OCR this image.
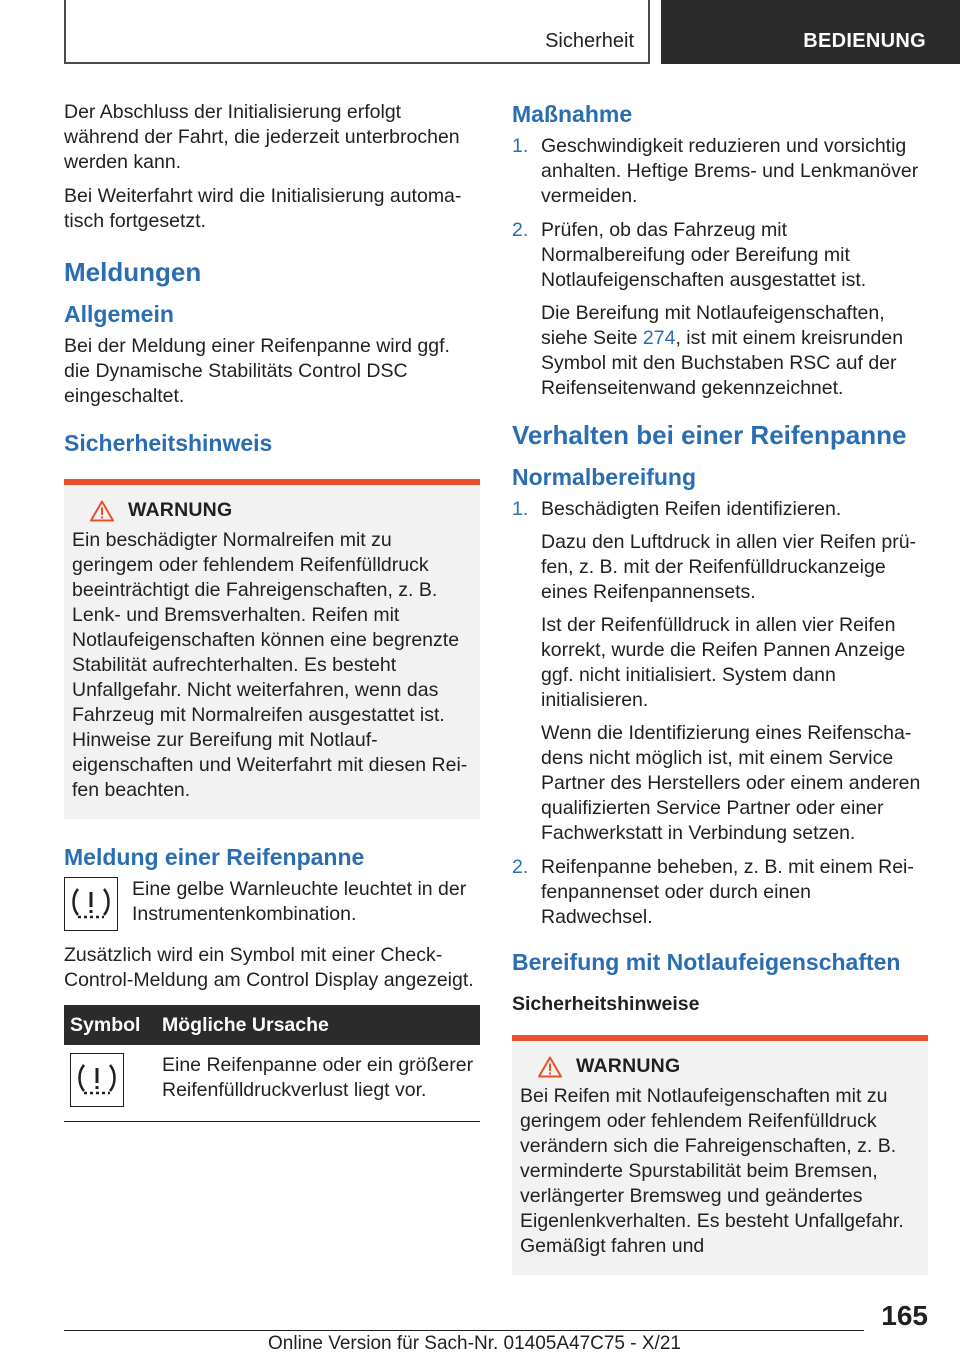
Sicherheit	BEDIENUNG

Der Abschluss der Initialisierung erfolgt während der Fahrt, die jederzeit unterbrochen werden kann.

Bei Weiterfahrt wird die Initialisierung automatisch fortgesetzt.

Meldungen
Allgemein

Bei der Meldung einer Reifenpanne wird ggf. die Dynamische Stabilitäts Control DSC eingeschaltet.

Sicherheitshinweis
WARNUNG

Ein beschädigter Normalreifen mit zu geringem oder fehlendem Reifenfülldruck beeinträchtigt die Fahreigenschaften, z. B. Lenk- und Bremsverhalten. Reifen mit Notlaufeigenschaften können eine begrenzte Stabilität aufrechterhalten. Es besteht Unfallgefahr. Nicht weiterfahren, wenn das Fahrzeug mit Normalreifen ausgestattet ist. Hinweise zur Bereifung mit Notlaufeigenschaften und Weiterfahrt mit diesen Reifen beachten.

Meldung einer Reifenpanne

Eine gelbe Warnleuchte leuchtet in der Instrumentenkombination.

Zusätzlich wird ein Symbol mit einer Check-Control-Meldung am Control Display angezeigt.

Symbol	Mögliche Ursache

	Eine Reifenpanne oder ein größerer Reifenfülldruckverlust liegt vor.
Maßnahme
1. Geschwindigkeit reduzieren und vorsichtig anhalten. Heftige Brems- und Lenkmanöver vermeiden.
2. Prüfen, ob das Fahrzeug mit Normalbereifung oder Bereifung mit Notlaufeigenschaften ausgestattet ist.

Die Bereifung mit Notlaufeigenschaften, siehe Seite 274, ist mit einem kreisrunden Symbol mit den Buchstaben RSC auf der Reifenseitenwand gekennzeichnet.

Verhalten bei einer Reifenpanne
Normalbereifung
1. Beschädigten Reifen identifizieren.

Dazu den Luftdruck in allen vier Reifen prüfen, z. B. mit der Reifenfülldruckanzeige eines Reifenpannensets.

Ist der Reifenfülldruck in allen vier Reifen korrekt, wurde die Reifen Pannen Anzeige ggf. nicht initialisiert. System dann initialisieren.

Wenn die Identifizierung eines Reifenschadens nicht möglich ist, mit einem Service Partner des Herstellers oder einem anderen qualifizierten Service Partner oder einer Fachwerkstatt in Verbindung setzen.

2. Reifenpanne beheben, z. B. mit einem Reifenpannenset oder durch einen Radwechsel.
Bereifung mit Notlaufeigenschaften
Sicherheitshinweise
WARNUNG

Bei Reifen mit Notlaufeigenschaften mit zu geringem oder fehlendem Reifenfülldruck verändern sich die Fahreigenschaften, z. B. verminderte Spurstabilität beim Bremsen, verlängerter Bremsweg und geändertes Eigenlenkverhalten. Es besteht Unfallgefahr. Gemäßigt fahren und

165
Online Version für Sach-Nr. 01405A47C75 - X/21
